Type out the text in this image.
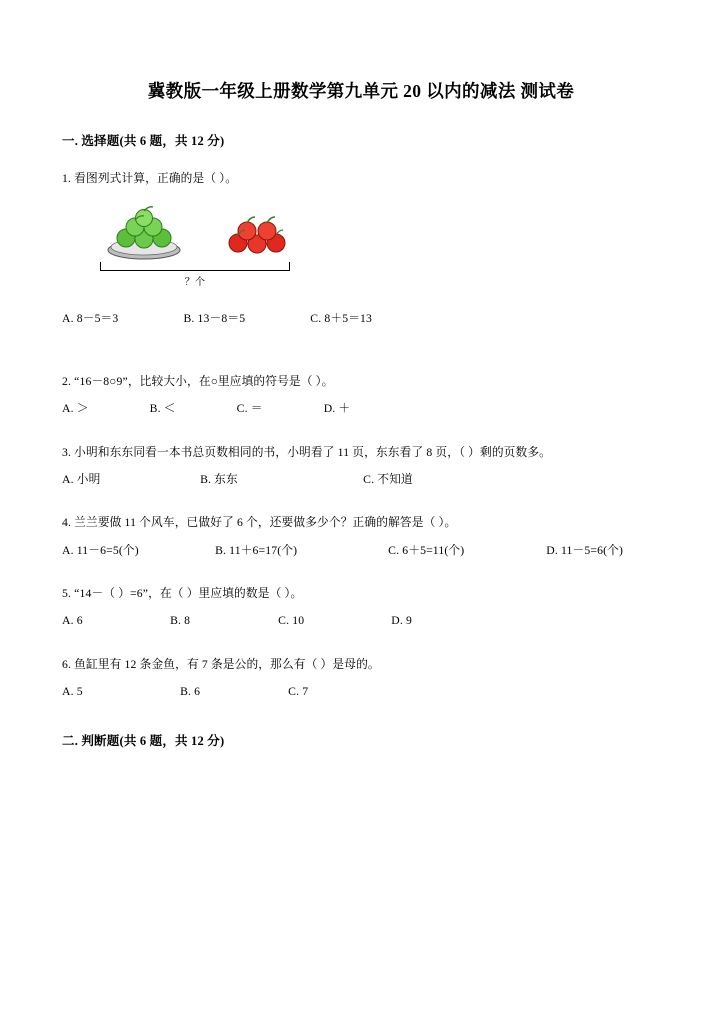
冀教版一年级上册数学第九单元 20 以内的减法 测试卷
一. 选择题(共 6 题，共 12 分)
1. 看图列式计算，正确的是（ ）。
？个
A. 8－5＝3	B. 13－8＝5	C. 8＋5＝13
2. “16－8○9”，比较大小，在○里应填的符号是（ ）。
A. ＞	B. ＜	C. ＝	D. ＋
3. 小明和东东同看一本书总页数相同的书，小明看了 11 页，东东看了 8 页，（ ）剩的页数多。
A. 小明	B. 东东	C. 不知道
4. 兰兰要做 11 个风车，已做好了 6 个，还要做多少个？正确的解答是（ ）。
A. 11－6=5(个)	B. 11＋6=17(个)	C. 6＋5=11(个)	D. 11－5=6(个)
5. “14－（ ）=6”，在（ ）里应填的数是（ ）。
A. 6	B. 8	C. 10	D. 9
6. 鱼缸里有 12 条金鱼，有 7 条是公的，那么有（ ）是母的。
A. 5	B. 6	C. 7
二. 判断题(共 6 题，共 12 分)
